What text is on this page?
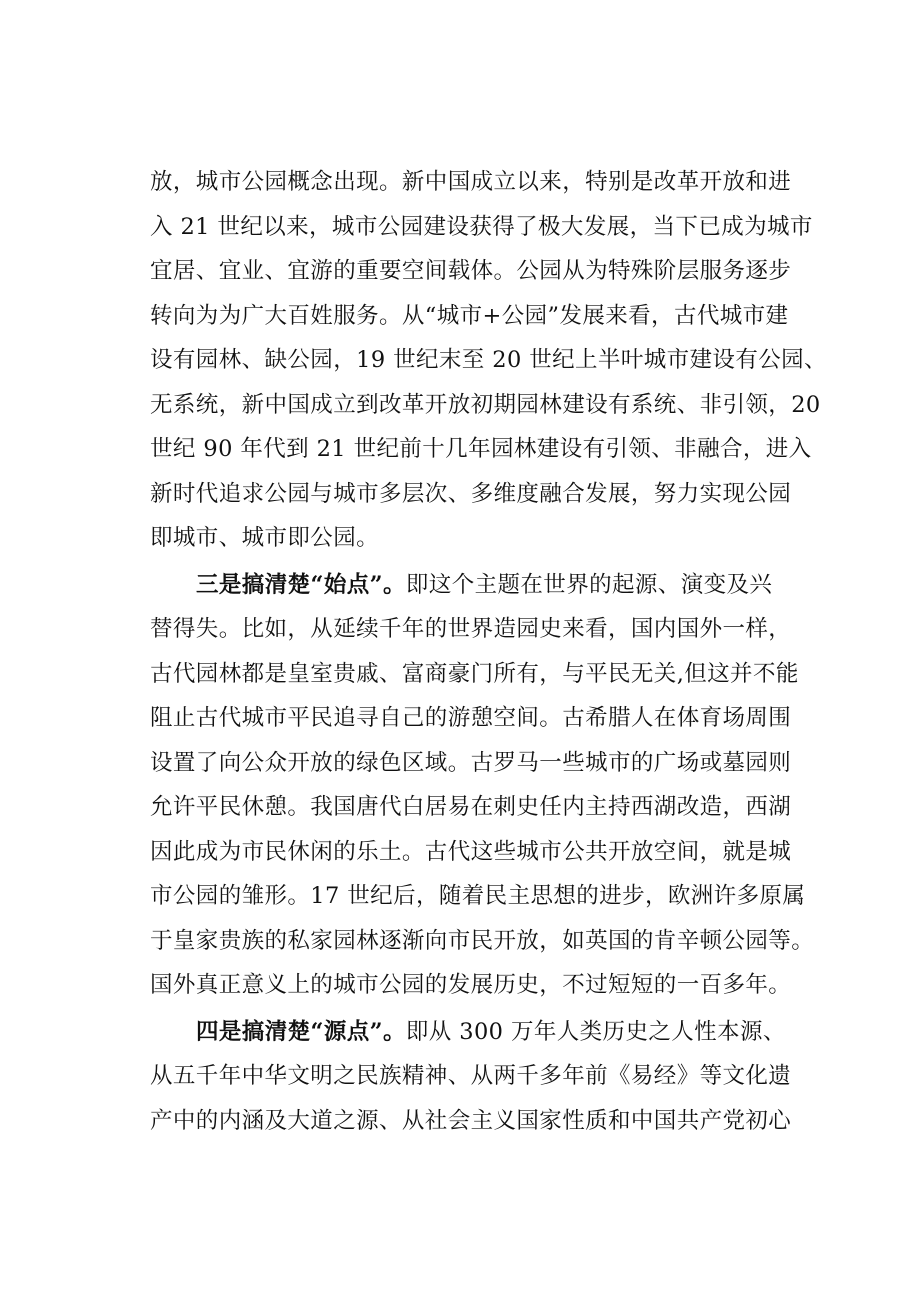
放，城市公园概念出现。新中国成立以来，特别是改革开放和进
入 21 世纪以来，城市公园建设获得了极大发展，当下已成为城市
宜居、宜业、宜游的重要空间载体。公园从为特殊阶层服务逐步
转向为为广大百姓服务。从“城市+公园”发展来看，古代城市建
设有园林、缺公园，19 世纪末至 20 世纪上半叶城市建设有公园、
无系统，新中国成立到改革开放初期园林建设有系统、非引领，20
世纪 90 年代到 21 世纪前十几年园林建设有引领、非融合，进入
新时代追求公园与城市多层次、多维度融合发展，努力实现公园
即城市、城市即公园。
三是搞清楚“始点”。即这个主题在世界的起源、演变及兴
替得失。比如，从延续千年的世界造园史来看，国内国外一样，
古代园林都是皇室贵戚、富商豪门所有，与平民无关,但这并不能
阻止古代城市平民追寻自己的游憩空间。古希腊人在体育场周围
设置了向公众开放的绿色区域。古罗马一些城市的广场或墓园则
允许平民休憩。我国唐代白居易在刺史任内主持西湖改造，西湖
因此成为市民休闲的乐土。古代这些城市公共开放空间，就是城
市公园的雏形。17 世纪后，随着民主思想的进步，欧洲许多原属
于皇家贵族的私家园林逐渐向市民开放，如英国的肯辛顿公园等。
国外真正意义上的城市公园的发展历史，不过短短的一百多年。
四是搞清楚“源点”。即从 300 万年人类历史之人性本源、
从五千年中华文明之民族精神、从两千多年前《易经》等文化遗
产中的内涵及大道之源、从社会主义国家性质和中国共产党初心
